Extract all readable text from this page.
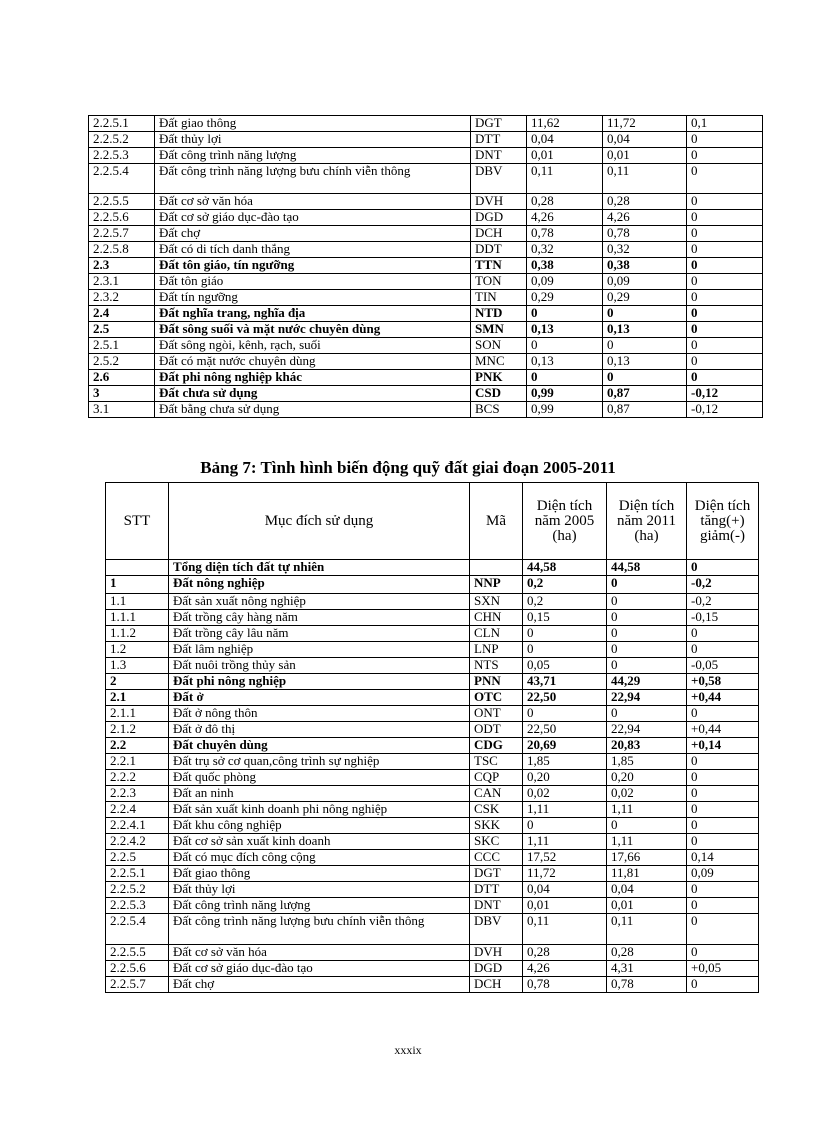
2.2.5.1	Đất giao thông	DGT	11,62	11,72	0,1
2.2.5.2	Đất thủy lợi	DTT	0,04	0,04	0
2.2.5.3	Đất công trình năng lượng	DNT	0,01	0,01	0
2.2.5.4	Đất công trình năng lượng bưu chính viễn thông	DBV	0,11	0,11	0
2.2.5.5	Đất cơ sở văn hóa	DVH	0,28	0,28	0
2.2.5.6	Đất cơ sở giáo dục-đào tạo	DGD	4,26	4,26	0
2.2.5.7	Đất chợ	DCH	0,78	0,78	0
2.2.5.8	Đất có di tích danh thắng	DDT	0,32	0,32	0
2.3	Đất tôn giáo, tín ngưỡng	TTN	0,38	0,38	0
2.3.1	Đất tôn giáo	TON	0,09	0,09	0
2.3.2	Đất tín ngưỡng	TIN	0,29	0,29	0
2.4	Đất nghĩa trang, nghĩa địa	NTD	0	0	0
2.5	Đất sông suối và mặt nước chuyên dùng	SMN	0,13	0,13	0
2.5.1	Đất sông ngòi, kênh, rạch, suối	SON	0	0	0
2.5.2	Đất có mặt nước chuyên dùng	MNC	0,13	0,13	0
2.6	Đất phi nông nghiệp khác	PNK	0	0	0
3	Đất chưa sử dụng	CSD	0,99	0,87	-0,12
3.1	Đất bằng chưa sử dụng	BCS	0,99	0,87	-0,12
Bảng 7: Tình hình biến động quỹ đất giai đoạn 2005-2011
STT	Mục đích sử dụng	Mã	Diện tích năm 2005 (ha)	Diện tích năm 2011 (ha)	Diện tích tăng(+) giảm(-)
	Tổng diện tích đất tự nhiên		44,58	44,58	0
1	Đất nông nghiệp	NNP	0,2	0	-0,2
1.1	Đất sản xuất nông nghiệp	SXN	0,2	0	-0,2
1.1.1	Đất trồng cây hàng năm	CHN	0,15	0	-0,15
1.1.2	Đất trồng cây lâu năm	CLN	0	0	0
1.2	Đất lâm nghiệp	LNP	0	0	0
1.3	Đất nuôi trồng thủy sản	NTS	0,05	0	-0,05
2	Đất phi nông nghiệp	PNN	43,71	44,29	+0,58
2.1	Đất ở	OTC	22,50	22,94	+0,44
2.1.1	Đất ở nông thôn	ONT	0	0	0
2.1.2	Đất ở đô thị	ODT	22,50	22,94	+0,44
2.2	Đất chuyên dùng	CDG	20,69	20,83	+0,14
2.2.1	Đất trụ sở cơ quan,công trình sự nghiệp	TSC	1,85	1,85	0
2.2.2	Đất quốc phòng	CQP	0,20	0,20	0
2.2.3	Đất an ninh	CAN	0,02	0,02	0
2.2.4	Đất sản xuất kinh doanh phi nông nghiệp	CSK	1,11	1,11	0
2.2.4.1	Đất khu công nghiệp	SKK	0	0	0
2.2.4.2	Đất cơ sở sản xuất kinh doanh	SKC	1,11	1,11	0
2.2.5	Đất có mục đích công cộng	CCC	17,52	17,66	0,14
2.2.5.1	Đất giao thông	DGT	11,72	11,81	0,09
2.2.5.2	Đất thủy lợi	DTT	0,04	0,04	0
2.2.5.3	Đất công trình năng lượng	DNT	0,01	0,01	0
2.2.5.4	Đất công trình năng lượng bưu chính viễn thông	DBV	0,11	0,11	0
2.2.5.5	Đất cơ sở văn hóa	DVH	0,28	0,28	0
2.2.5.6	Đất cơ sở giáo dục-đào tạo	DGD	4,26	4,31	+0,05
2.2.5.7	Đất chợ	DCH	0,78	0,78	0
xxxix
